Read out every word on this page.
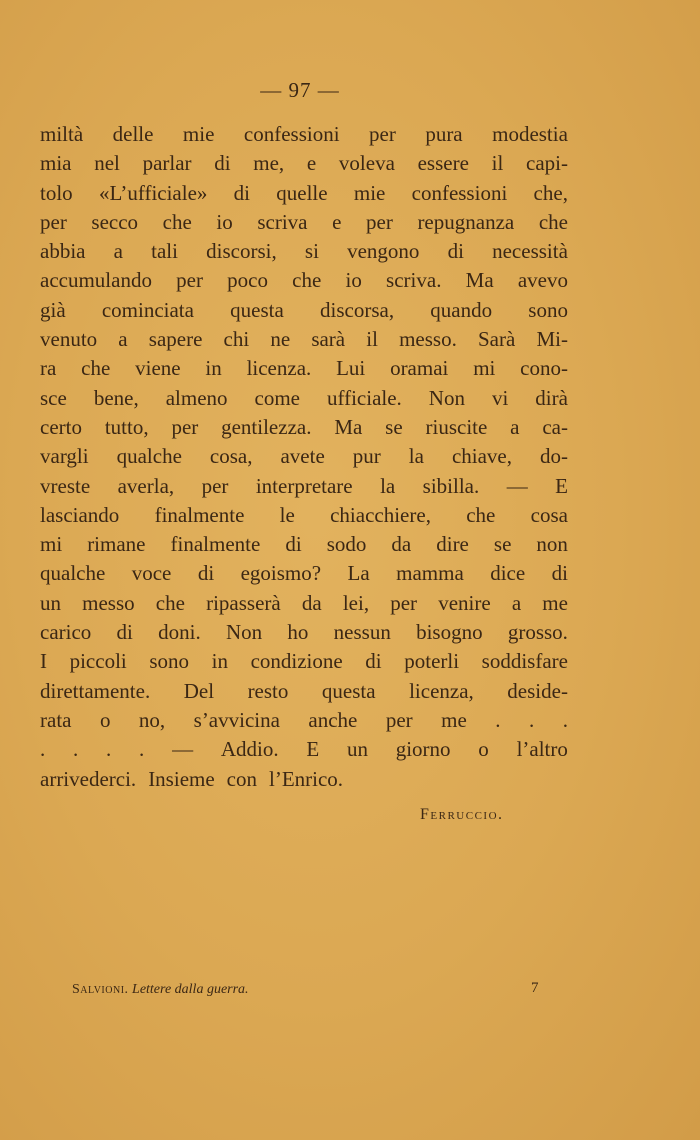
— 97 —
miltà delle mie confessioni per pura modestia
mia nel parlar di me, e voleva essere il capi-
tolo «L’ufficiale» di quelle mie confessioni che,
per secco che io scriva e per repugnanza che
abbia a tali discorsi, si vengono di necessità
accumulando per poco che io scriva. Ma avevo
già cominciata questa discorsa, quando sono
venuto a sapere chi ne sarà il messo. Sarà Mi-
ra che viene in licenza. Lui oramai mi cono-
sce bene, almeno come ufficiale. Non vi dirà
certo tutto, per gentilezza. Ma se riuscite a ca-
vargli qualche cosa, avete pur la chiave, do-
vreste averla, per interpretare la sibilla. — E
lasciando finalmente le chiacchiere, che cosa
mi rimane finalmente di sodo da dire se non
qualche voce di egoismo? La mamma dice di
un messo che ripasserà da lei, per venire a me
carico di doni. Non ho nessun bisogno grosso.
I piccoli sono in condizione di poterli soddisfare
direttamente. Del resto questa licenza, deside-
rata o no, s’avvicina anche per me . . .
. . . . — Addio. E un giorno o l’altro
arrivederci. Insieme con l’Enrico.
Ferruccio.
Salvioni. Lettere dalla guerra.	7
